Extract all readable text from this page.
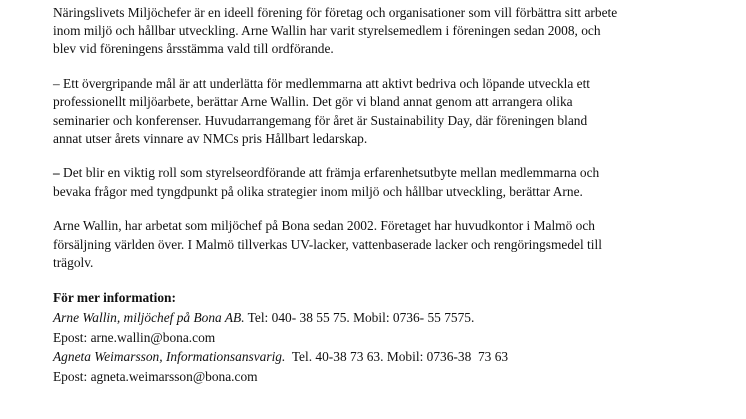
Näringslivets Miljöchefer är en ideell förening för företag och organisationer som vill förbättra sitt arbete
inom miljö och hållbar utveckling. Arne Wallin har varit styrelsemedlem i föreningen sedan 2008, och
blev vid föreningens årsstämma vald till ordförande.

– Ett övergripande mål är att underlätta för medlemmarna att aktivt bedriva och löpande utveckla ett
professionellt miljöarbete, berättar Arne Wallin. Det gör vi bland annat genom att arrangera olika
seminarier och konferenser. Huvudarrangemang för året är Sustainability Day, där föreningen bland
annat utser årets vinnare av NMCs pris Hållbart ledarskap.

– Det blir en viktig roll som styrelseordförande att främja erfarenhetsutbyte mellan medlemmarna och
bevaka frågor med tyngdpunkt på olika strategier inom miljö och hållbar utveckling, berättar Arne.

Arne Wallin, har arbetat som miljöchef på Bona sedan 2002. Företaget har huvudkontor i Malmö och
försäljning världen över. I Malmö tillverkas UV-lacker, vattenbaserade lacker och rengöringsmedel till
trägolv.

För mer information:
Arne Wallin, miljöchef på Bona AB. Tel: 040- 38 55 75. Mobil: 0736- 55 7575.
Epost: arne.wallin@bona.com
Agneta Weimarsson, Informationsansvarig.  Tel. 40-38 73 63. Mobil: 0736-38  73 63
Epost: agneta.weimarsson@bona.com
